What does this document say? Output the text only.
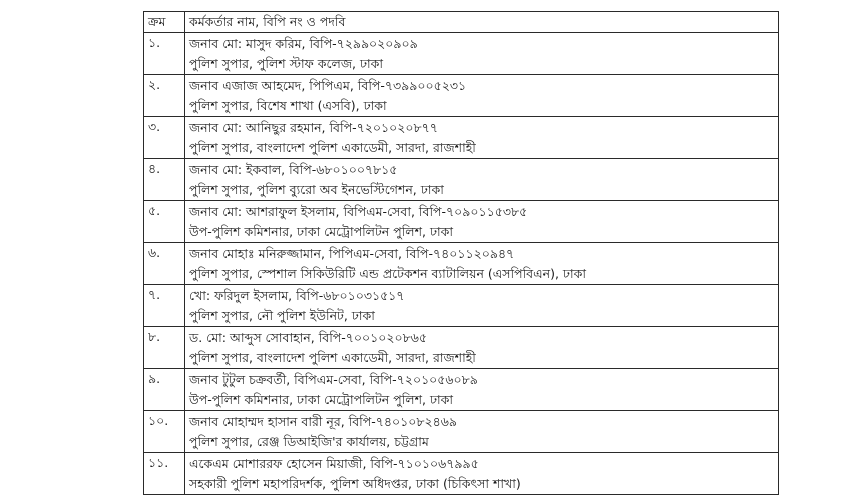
ক্রম	কর্মকর্তার নাম, বিপি নং ও পদবি
১.	জনাব মো: মাসুদ করিম, বিপি-৭২৯৯০২০৯০৯
পুলিশ সুপার, পুলিশ স্টাফ কলেজ, ঢাকা

২.	জনাব এজাজ আহমেদ, পিপিএম, বিপি-৭৩৯৯০০৫২৩১
পুলিশ সুপার, বিশেষ শাখা (এসবি), ঢাকা

৩.	জনাব মো: আনিছুর রহমান, বিপি-৭২০১০২০৮৭৭
পুলিশ সুপার, বাংলাদেশ পুলিশ একাডেমী, সারদা, রাজশাহী

৪.	জনাব মো: ইকবাল, বিপি-৬৮০১০০৭৮১৫
পুলিশ সুপার, পুলিশ ব্যুরো অব ইনভেস্টিগেশন, ঢাকা

৫.	জনাব মো: আশরাফুল ইসলাম, বিপিএম-সেবা, বিপি-৭০৯০১১৫৩৮৫
উপ-পুলিশ কমিশনার, ঢাকা মেট্রোপলিটন পুলিশ, ঢাকা

৬.	জনাব মোহাঃ মনিরুজ্জামান, পিপিএম-সেবা, বিপি-৭৪০১১২০৯৪৭
পুলিশ সুপার, স্পেশাল সিকিউরিটি এন্ড প্রটেকশন ব্যাটালিয়ন (এসপিবিএন), ঢাকা

৭.	খো: ফরিদুল ইসলাম, বিপি-৬৮০১০৩১৫১৭
পুলিশ সুপার, নৌ পুলিশ ইউনিট, ঢাকা

৮.	ড. মো: আব্দুস সোবাহান, বিপি-৭০০১০২০৮৬৫
পুলিশ সুপার, বাংলাদেশ পুলিশ একাডেমী, সারদা, রাজশাহী

৯.	জনাব টুটুল চক্রবর্তী, বিপিএম-সেবা, বিপি-৭২০১০৫৬০৮৯
উপ-পুলিশ কমিশনার, ঢাকা মেট্রোপলিটন পুলিশ, ঢাকা

১০.	জনাব মোহাম্মদ হাসান বারী নূর, বিপি-৭৪০১০৮২৪৬৯
পুলিশ সুপার, রেঞ্জ ডিআইজি'র কার্যালয়, চট্টগ্রাম

১১.	একেএম মোশাররফ হোসেন মিয়াজী, বিপি-৭১০১০৬৭৯৯৫
সহকারী পুলিশ মহাপরিদর্শক, পুলিশ অধিদপ্তর, ঢাকা (চিকিৎসা শাখা)
